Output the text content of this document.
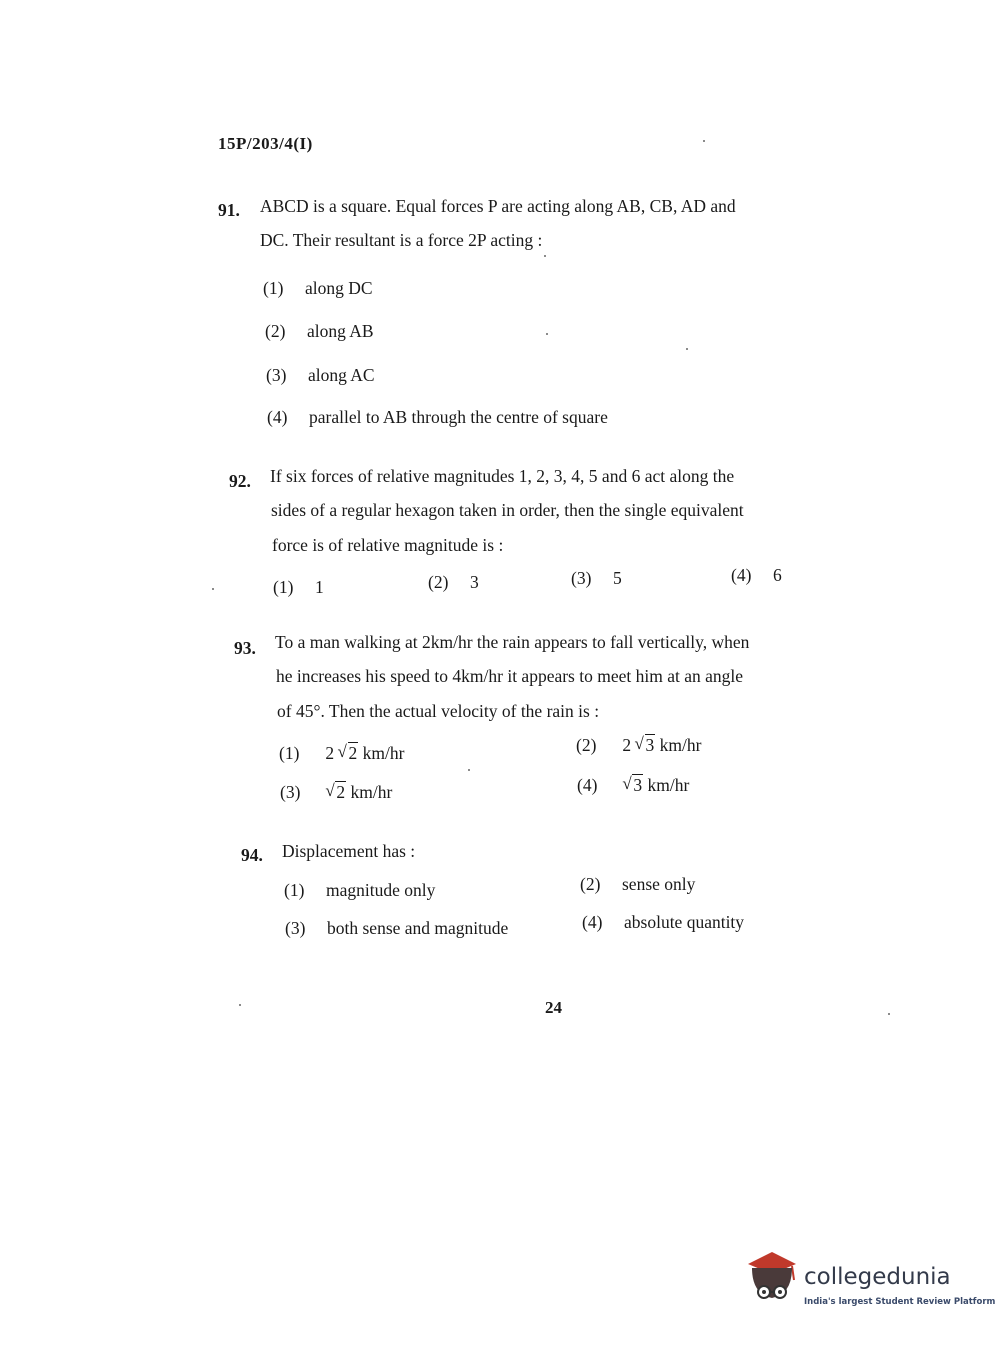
15P/203/4(I)
91. ABCD is a square. Equal forces P are acting along AB, CB, AD and
DC. Their resultant is a force 2P acting :
(1) along DC
(2) along AB
(3) along AC
(4) parallel to AB through the centre of square
92. If six forces of relative magnitudes 1, 2, 3, 4, 5 and 6 act along the
sides of a regular hexagon taken in order, then the single equivalent
force is of relative magnitude is :
(1) 1	(2) 3	(3) 5	(4) 6
93. To a man walking at 2km/hr the rain appears to fall vertically, when
he increases his speed to 4km/hr it appears to meet him at an angle
of 45°. Then the actual velocity of the rain is :
(1) 2 √ 2 km/hr	(2) 2 √ 3 km/hr
(3) √ 2 km/hr	(4) √ 3 km/hr
94. Displacement has :
(1) magnitude only	(2) sense only
(3) both sense and magnitude	(4) absolute quantity
24
collegedunia
India's largest Student Review Platform
